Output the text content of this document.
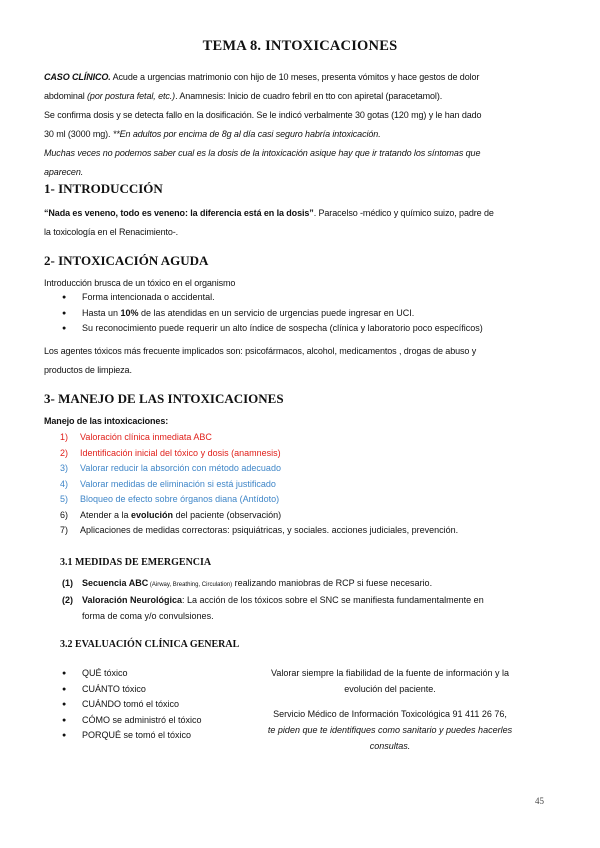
TEMA 8. INTOXICACIONES
CASO CLÍNICO. Acude a urgencias matrimonio con hijo de 10 meses, presenta vómitos y hace gestos de dolor
abdominal (por postura fetal, etc.). Anamnesis: Inicio de cuadro febril en tto con apiretal (paracetamol).
Se confirma dosis y se detecta fallo en la dosificación. Se le indicó verbalmente 30 gotas (120 mg) y le han dado
30 ml (3000 mg). **En adultos por encima de 8g al día casi seguro habría intoxicación.
Muchas veces no podemos saber cual es la dosis de la intoxicación asique hay que ir tratando los síntomas que
aparecen.
1- INTRODUCCIÓN
“Nada es veneno, todo es veneno: la diferencia está en la dosis”. Paracelso -médico y químico suizo, padre de
la toxicología en el Renacimiento-.
2- INTOXICACIÓN AGUDA
Introducción brusca de un tóxico en el organismo
● Forma intencionada o accidental.
● Hasta un 10% de las atendidas en un servicio de urgencias puede ingresar en UCI.
● Su reconocimiento puede requerir un alto índice de sospecha (clínica y laboratorio poco específicos)
Los agentes tóxicos más frecuente implicados son: psicofármacos, alcohol, medicamentos , drogas de abuso y
productos de limpieza.
3- MANEJO DE LAS INTOXICACIONES
Manejo de las intoxicaciones:
1) Valoración clínica inmediata ABC
2) Identificación inicial del tóxico y dosis (anamnesis)
3) Valorar reducir la absorción con método adecuado
4) Valorar medidas de eliminación si está justificado
5) Bloqueo de efecto sobre órganos diana (Antídoto)
6) Atender a la evolución del paciente (observación)
7) Aplicaciones de medidas correctoras: psiquiátricas, y sociales. acciones judiciales, prevención.
3.1 MEDIDAS DE EMERGENCIA
(1) Secuencia ABC (Airway, Breathing, Circulation) realizando maniobras de RCP si fuese necesario.
(2) Valoración Neurológica: La acción de los tóxicos sobre el SNC se manifiesta fundamentalmente en
forma de coma y/o convulsiones.
3.2 EVALUACIÓN CLÍNICA GENERAL
● QUÉ tóxico
● CUÁNTO tóxico
● CUÁNDO tomó el tóxico
● CÓMO se administró el tóxico
● PORQUÉ se tomó el tóxico
Valorar siempre la fiabilidad de la fuente de información y la
evolución del paciente.
Servicio Médico de Información Toxicológica 91 411 26 76,
te piden que te identifiques como sanitario y puedes hacerles
consultas.
45
